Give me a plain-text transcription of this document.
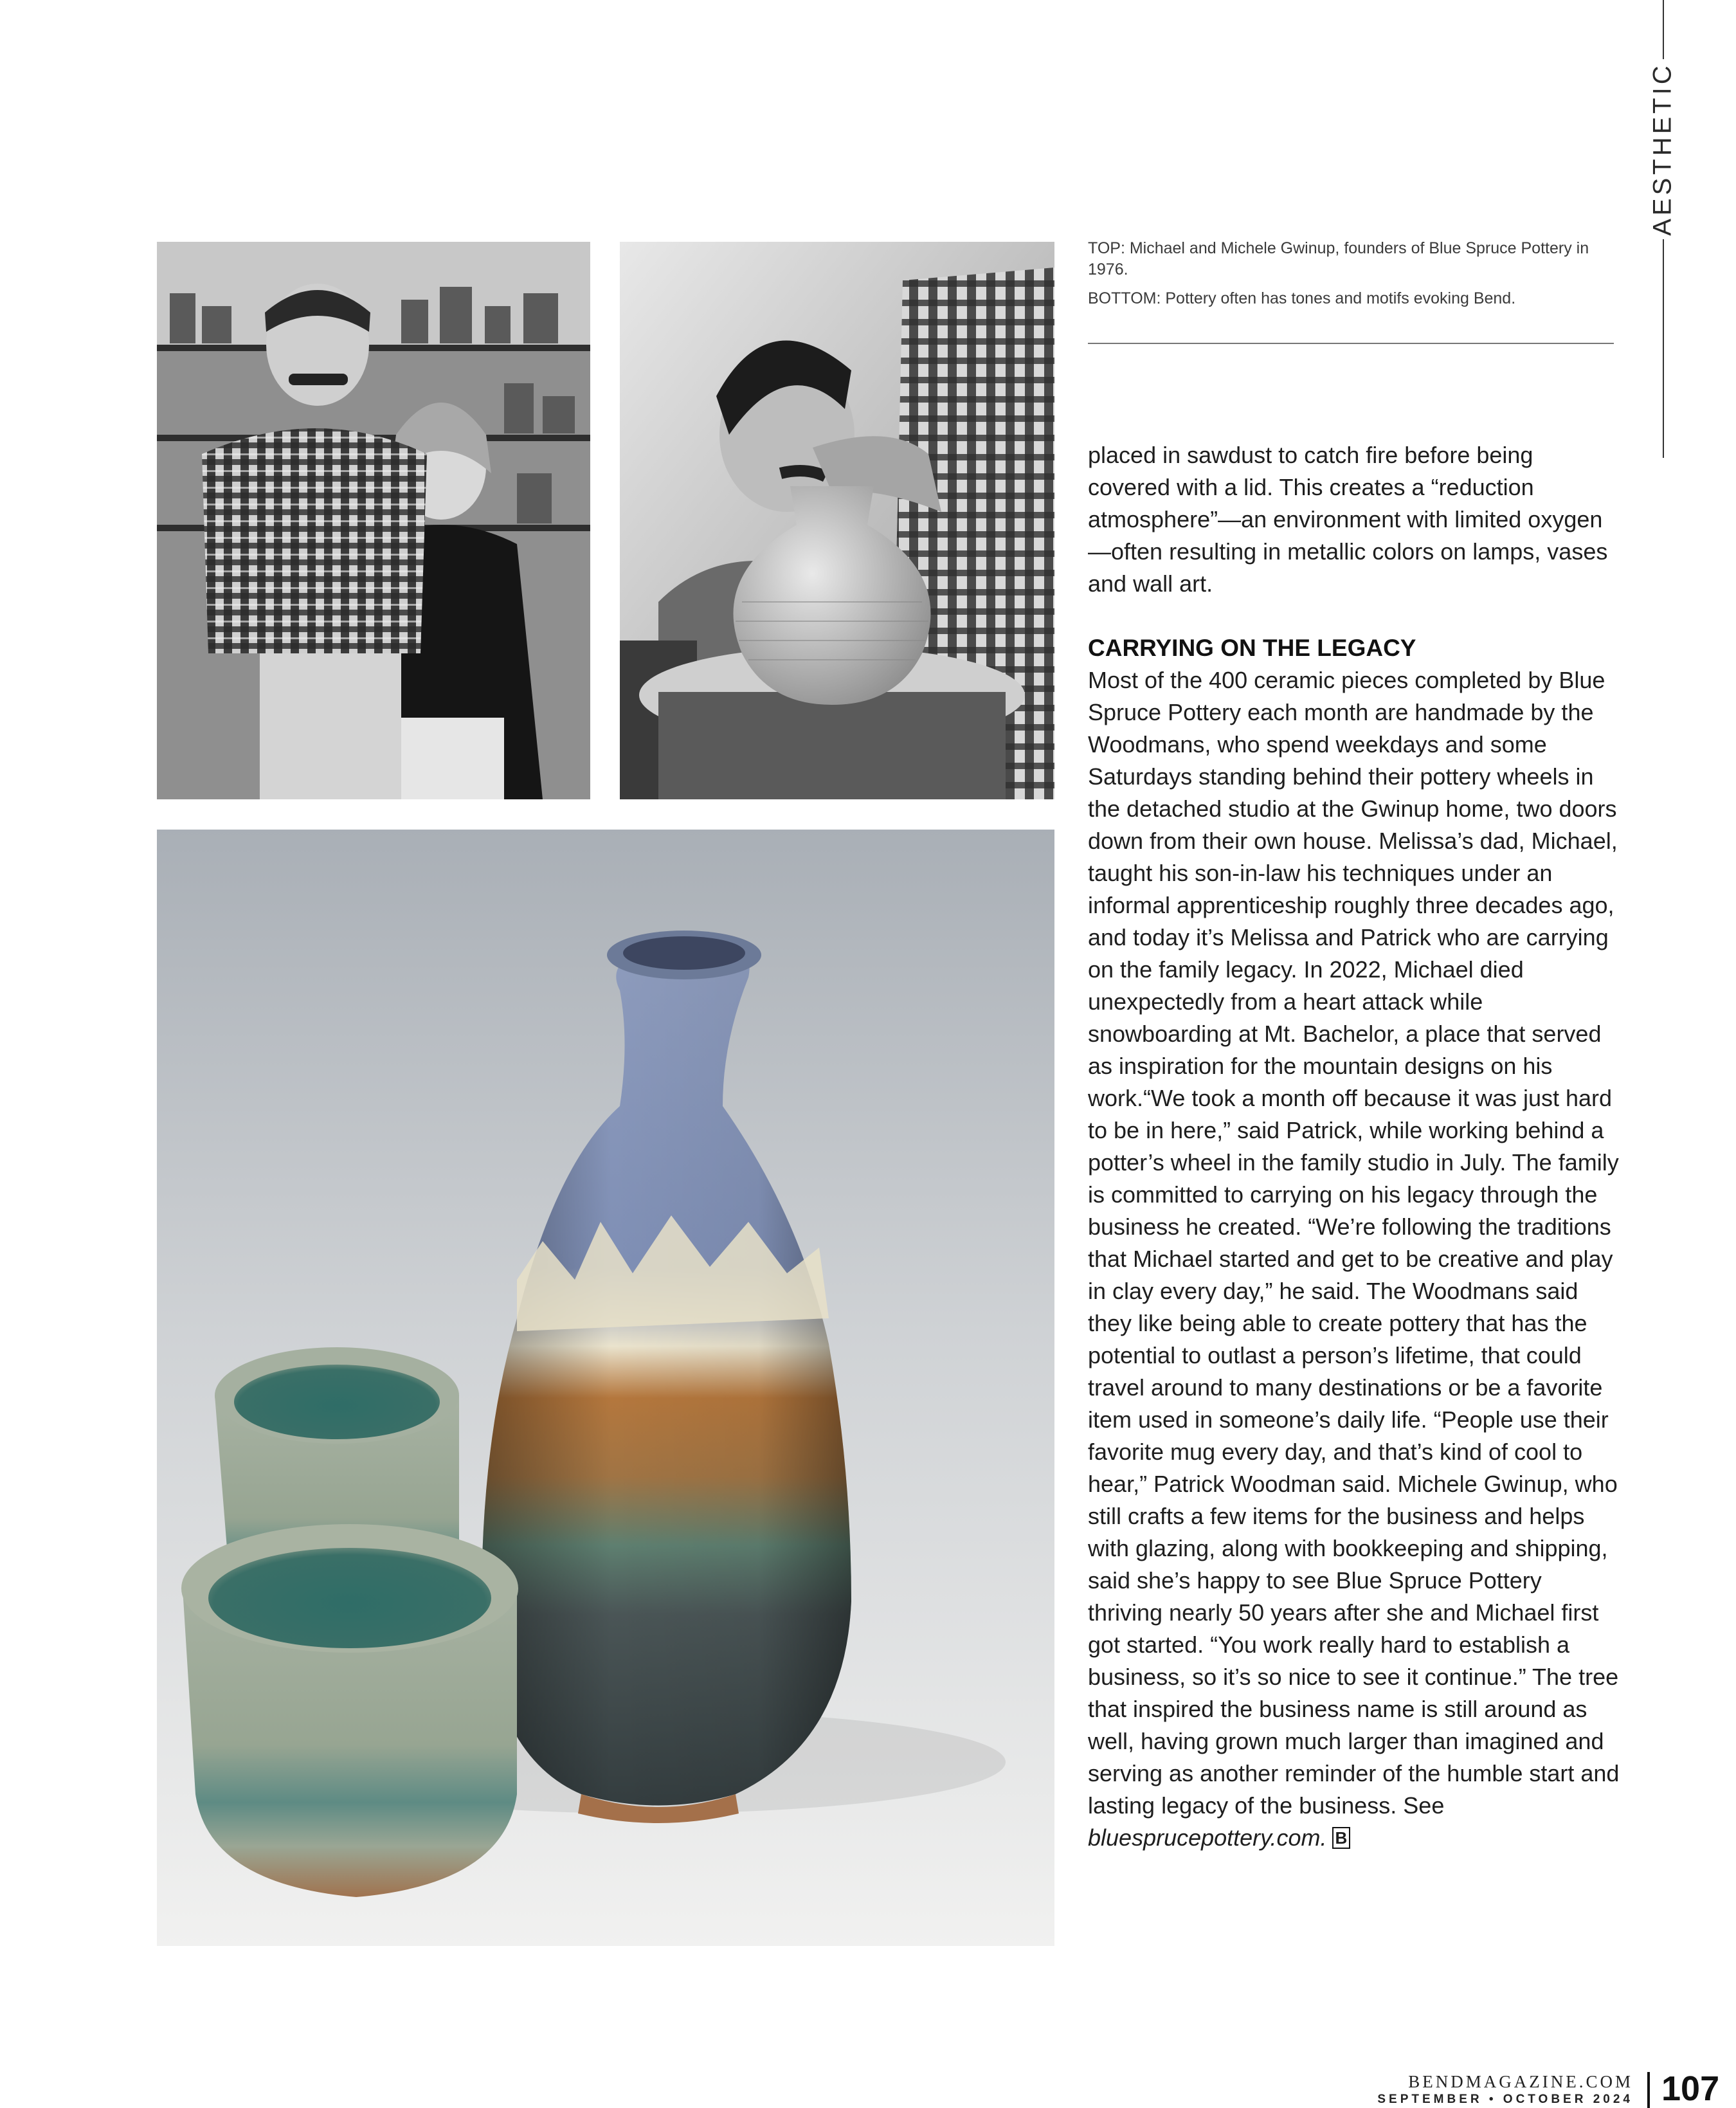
AESTHETIC

TOP: Michael and Michele Gwinup, founders of Blue Spruce Pottery in 1976.

BOTTOM: Pottery often has tones and motifs evoking Bend.

placed in sawdust to catch fire before being covered with a lid. This creates a “reduction atmosphere”—an environment with limited oxygen—often resulting in metallic colors on lamps, vases and wall art.

CARRYING ON THE LEGACY

Most of the 400 ceramic pieces completed by Blue Spruce Pottery each month are handmade by the Woodmans, who spend weekdays and some Saturdays standing behind their pottery wheels in the detached studio at the Gwinup home, two doors down from their own house. Melissa’s dad, Michael, taught his son-in-law his techniques under an informal apprenticeship roughly three decades ago, and today it’s Melissa and Patrick who are carrying on the family legacy. In 2022, Michael died unexpectedly from a heart attack while snowboarding at Mt. Bachelor, a place that served as inspiration for the mountain designs on his work.“We took a month off because it was just hard to be in here,” said Patrick, while working behind a potter’s wheel in the family studio in July. The family is committed to carrying on his legacy through the business he created. “We’re following the traditions that Michael started and get to be creative and play in clay every day,” he said. The Woodmans said they like being able to create pottery that has the potential to outlast a person’s lifetime, that could travel around to many destinations or be a favorite item used in someone’s daily life. “People use their favorite mug every day, and that’s kind of cool to hear,” Patrick Woodman said. Michele Gwinup, who still crafts a few items for the business and helps with glazing, along with bookkeeping and shipping, said she’s happy to see Blue Spruce Pottery thriving nearly 50 years after she and Michael first got started. “You work really hard to establish a business, so it’s so nice to see it continue.” The tree that inspired the business name is still around as well, having grown much larger than imagined and serving as another reminder of the humble start and lasting legacy of the business. See bluesprucepottery.com. B

BENDMAGAZINE.COM
SEPTEMBER • OCTOBER 2024 107
